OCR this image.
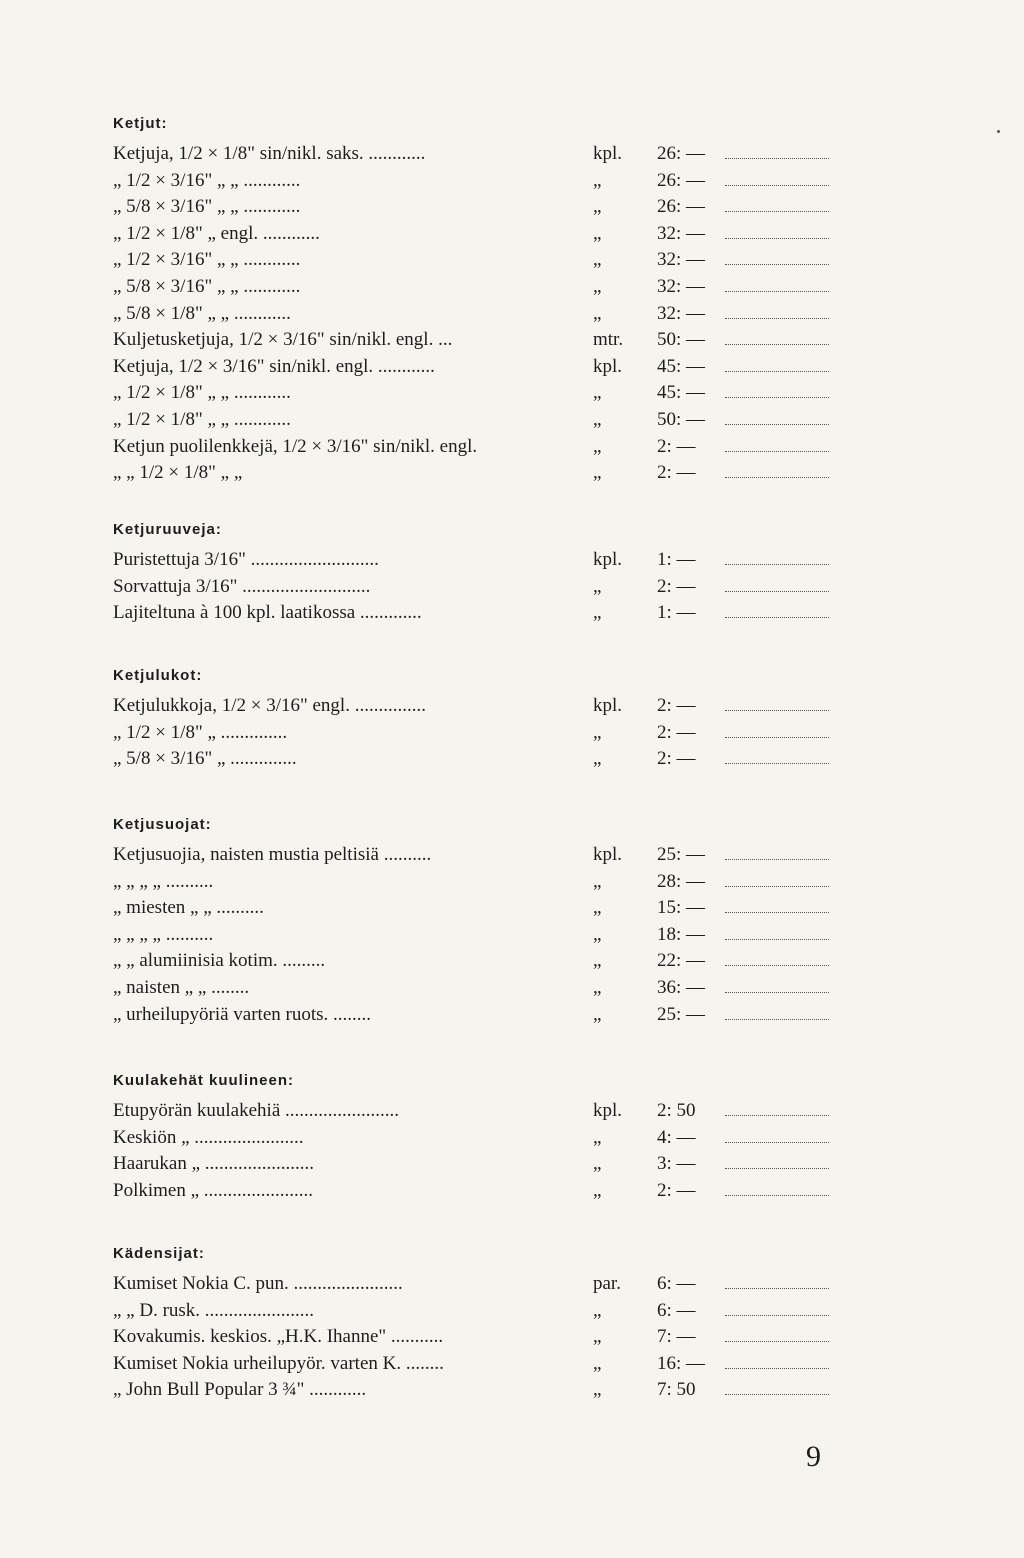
Ketjut:
Ketjuja, 1/2 × 1/8" sin/nikl. saks. ............	kpl.	26: —
„ 1/2 × 3/16" „ „ ............	„	26: —
„ 5/8 × 3/16" „ „ ............	„	26: —
„ 1/2 × 1/8" „ engl. ............	„	32: —
„ 1/2 × 3/16" „ „ ............	„	32: —
„ 5/8 × 3/16" „ „ ............	„	32: —
„ 5/8 × 1/8" „ „ ............	„	32: —
Kuljetusketjuja, 1/2 × 3/16" sin/nikl. engl. ...	mtr.	50: —
Ketjuja, 1/2 × 3/16" sin/nikl. engl. ............	kpl.	45: —
„ 1/2 × 1/8" „ „ ............	„	45: —
„ 1/2 × 1/8" „ „ ............	„	50: —
Ketjun puolilenkkejä, 1/2 × 3/16" sin/nikl. engl.	„	2: —
„ „ 1/2 × 1/8" „ „	„	2: —
Ketjuruuveja:
Puristettuja 3/16" ...........................	kpl.	1: —
Sorvattuja 3/16" ...........................	„	2: —
Lajiteltuna à 100 kpl. laatikossa .............	„	1: —
Ketjulukot:
Ketjulukkoja, 1/2 × 3/16" engl. ...............	kpl.	2: —
„ 1/2 × 1/8" „ ..............	„	2: —
„ 5/8 × 3/16" „ ..............	„	2: —
Ketjusuojat:
Ketjusuojia, naisten mustia peltisiä ..........	kpl.	25: —
„ „ „ „ ..........	„	28: —
„ miesten „ „ ..........	„	15: —
„ „ „ „ ..........	„	18: —
„ „ alumiinisia kotim. .........	„	22: —
„ naisten „ „ ........	„	36: —
„ urheilupyöriä varten ruots. ........	„	25: —
Kuulakehät kuulineen:
Etupyörän kuulakehiä ........................	kpl.	2: 50
Keskiön „ .......................	„	4: —
Haarukan „ .......................	„	3: —
Polkimen „ .......................	„	2: —
Kädensijat:
Kumiset Nokia C. pun. .......................	par.	6: —
„ „ D. rusk. .......................	„	6: —
Kovakumis. keskios. „H.K. Ihanne" ...........	„	7: —
Kumiset Nokia urheilupyör. varten K. ........	„	16: —
„ John Bull Popular 3 ¾" ............	„	7: 50
9
